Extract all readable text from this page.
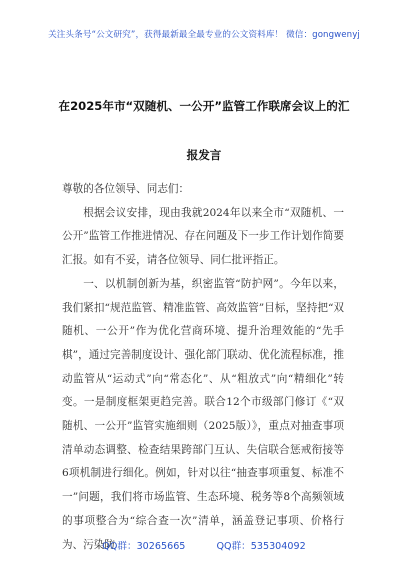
关注头条号“公文研究”，获得最新最全最专业的公文资料库！ 微信：gongwenyj
在2025年市“双随机、一公开”监管工作联席会议上的汇
报发言

尊敬的各位领导、同志们：

根据会议安排，现由我就2024年以来全市“双随机、一公开”监管工作推进情况、存在问题及下一步工作计划作简要汇报。如有不妥，请各位领导、同仁批评指正。

一、以机制创新为基，织密监管“防护网”。今年以来，我们紧扣“规范监管、精准监管、高效监管”目标，坚持把“双随机、一公开”作为优化营商环境、提升治理效能的“先手棋”，通过完善制度设计、强化部门联动、优化流程标准，推动监管从“运动式”向“常态化”、从“粗放式”向“精细化”转变。一是制度框架更趋完善。联合12个市级部门修订《“双随机、一公开”监管实施细则（2025版）》，重点对抽查事项清单动态调整、检查结果跨部门互认、失信联合惩戒衔接等6项机制进行细化。例如，针对以往“抽查事项重复、标准不一”问题，我们将市场监管、生态环境、税务等8个高频领域的事项整合为“综合查一次”清单，涵盖登记事项、价格行为、污染防

QQ群：30265665	QQ群：535304092
